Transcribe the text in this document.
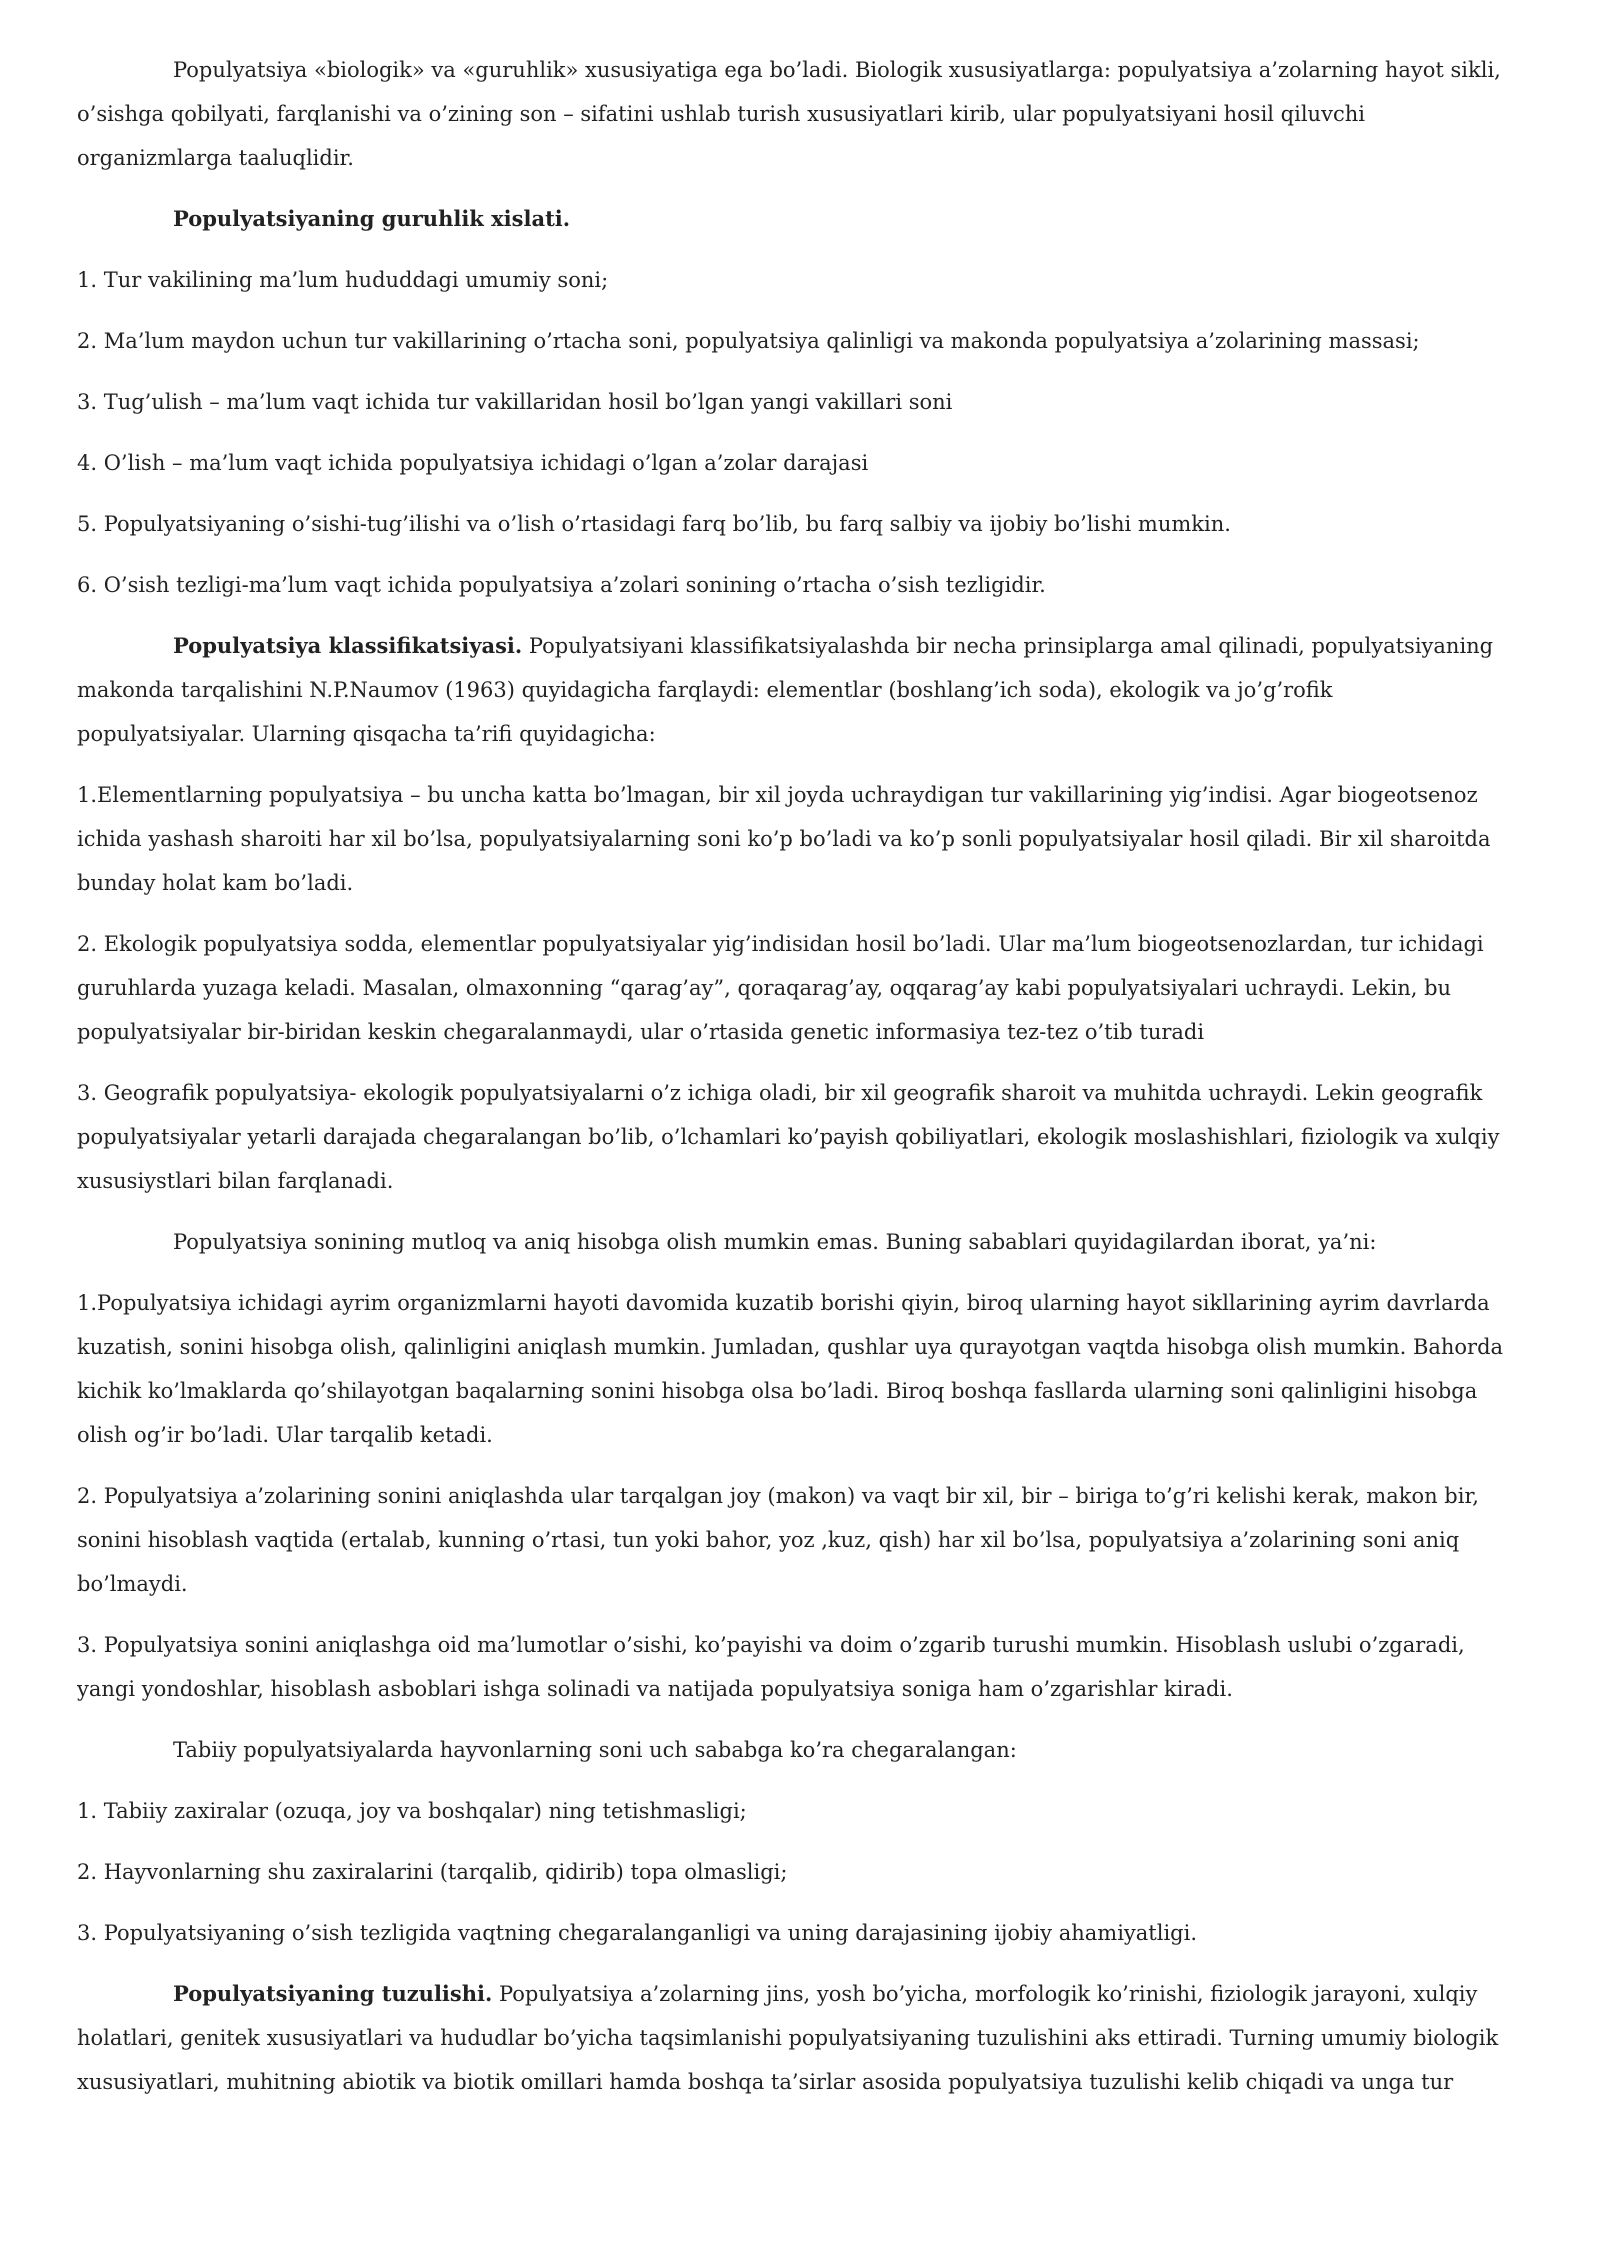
Populyatsiya «biologik» va «guruhlik» xususiyatiga ega bo’ladi. Biologik xususiyatlarga: populyatsiya a’zolarning hayot sikli, o’sishga qobilyati, farqlanishi va o’zining son – sifatini ushlab turish xususiyatlari kirib, ular populyatsiyani hosil qiluvchi organizmlarga taaluqlidir.

Populyatsiyaning guruhlik xislati.

1. Tur vakilining ma’lum hududdagi umumiy soni;

2. Ma’lum maydon uchun tur vakillarining o’rtacha soni, populyatsiya qalinligi va makonda populyatsiya a’zolarining massasi;

3. Tug’ulish – ma’lum vaqt ichida tur vakillaridan hosil bo’lgan yangi vakillari soni

4. O’lish – ma’lum vaqt ichida populyatsiya ichidagi o’lgan a’zolar darajasi

5. Populyatsiyaning o’sishi-tug’ilishi va o’lish o’rtasidagi farq bo’lib, bu farq salbiy va ijobiy bo’lishi mumkin.

6. O’sish tezligi-ma’lum vaqt ichida populyatsiya a’zolari sonining o’rtacha o’sish tezligidir.

Populyatsiya klassifikatsiyasi. Populyatsiyani klassifikatsiyalashda bir necha prinsiplarga amal qilinadi, populyatsiyaning makonda tarqalishini N.P.Naumov (1963) quyidagicha farqlaydi: elementlar (boshlang’ich soda), ekologik va jo’g’rofik populyatsiyalar. Ularning qisqacha ta’rifi quyidagicha:

1.Elementlarning populyatsiya – bu uncha katta bo’lmagan, bir xil joyda uchraydigan tur vakillarining yig’indisi. Agar biogeotsenoz ichida yashash sharoiti har xil bo’lsa, populyatsiyalarning soni ko’p bo’ladi va ko’p sonli populyatsiyalar hosil qiladi. Bir xil sharoitda bunday holat kam bo’ladi.

2. Ekologik populyatsiya sodda, elementlar populyatsiyalar yig’indisidan hosil bo’ladi. Ular ma’lum biogeotsenozlardan, tur ichidagi guruhlarda yuzaga keladi. Masalan, olmaxonning “qarag’ay”, qoraqarag’ay, oqqarag’ay kabi populyatsiyalari uchraydi. Lekin, bu populyatsiyalar bir-biridan keskin chegaralanmaydi, ular o’rtasida genetic informasiya tez-tez o’tib turadi

3. Geografik populyatsiya- ekologik populyatsiyalarni o’z ichiga oladi, bir xil geografik sharoit va muhitda uchraydi. Lekin geografik populyatsiyalar yetarli darajada chegaralangan bo’lib, o’lchamlari ko’payish qobiliyatlari, ekologik moslashishlari, fiziologik va xulqiy xususiystlari bilan farqlanadi.

Populyatsiya sonining mutloq va aniq hisobga olish mumkin emas. Buning sabablari quyidagilardan iborat, ya’ni:

1.Populyatsiya ichidagi ayrim organizmlarni hayoti davomida kuzatib borishi qiyin, biroq ularning hayot sikllarining ayrim davrlarda kuzatish, sonini hisobga olish, qalinligini aniqlash mumkin. Jumladan, qushlar uya qurayotgan vaqtda hisobga olish mumkin. Bahorda kichik ko’lmaklarda qo’shilayotgan baqalarning sonini hisobga olsa bo’ladi. Biroq boshqa fasllarda ularning soni qalinligini hisobga olish og’ir bo’ladi. Ular tarqalib ketadi.

2. Populyatsiya a’zolarining sonini aniqlashda ular tarqalgan joy (makon) va vaqt bir xil, bir – biriga to’g’ri kelishi kerak, makon bir, sonini hisoblash vaqtida (ertalab, kunning o’rtasi, tun yoki bahor, yoz ,kuz, qish) har xil bo’lsa, populyatsiya a’zolarining soni aniq bo’lmaydi.

3. Populyatsiya sonini aniqlashga oid ma’lumotlar o’sishi, ko’payishi va doim o’zgarib turushi mumkin. Hisoblash uslubi o’zgaradi, yangi yondoshlar, hisoblash asboblari ishga solinadi va natijada populyatsiya soniga ham o’zgarishlar kiradi.

Tabiiy populyatsiyalarda hayvonlarning soni uch sababga ko’ra chegaralangan:

1. Tabiiy zaxiralar (ozuqa, joy va boshqalar) ning tetishmasligi;

2. Hayvonlarning shu zaxiralarini (tarqalib, qidirib) topa olmasligi;

3. Populyatsiyaning o’sish tezligida vaqtning chegaralanganligi va uning darajasining ijobiy ahamiyatligi.

Populyatsiyaning tuzulishi. Populyatsiya a’zolarning jins, yosh bo’yicha, morfologik ko’rinishi, fiziologik jarayoni, xulqiy holatlari, genitek xususiyatlari va hududlar bo’yicha taqsimlanishi populyatsiyaning tuzulishini aks ettiradi. Turning umumiy biologik xususiyatlari, muhitning abiotik va biotik omillari hamda boshqa ta’sirlar asosida populyatsiya tuzulishi kelib chiqadi va unga tur
